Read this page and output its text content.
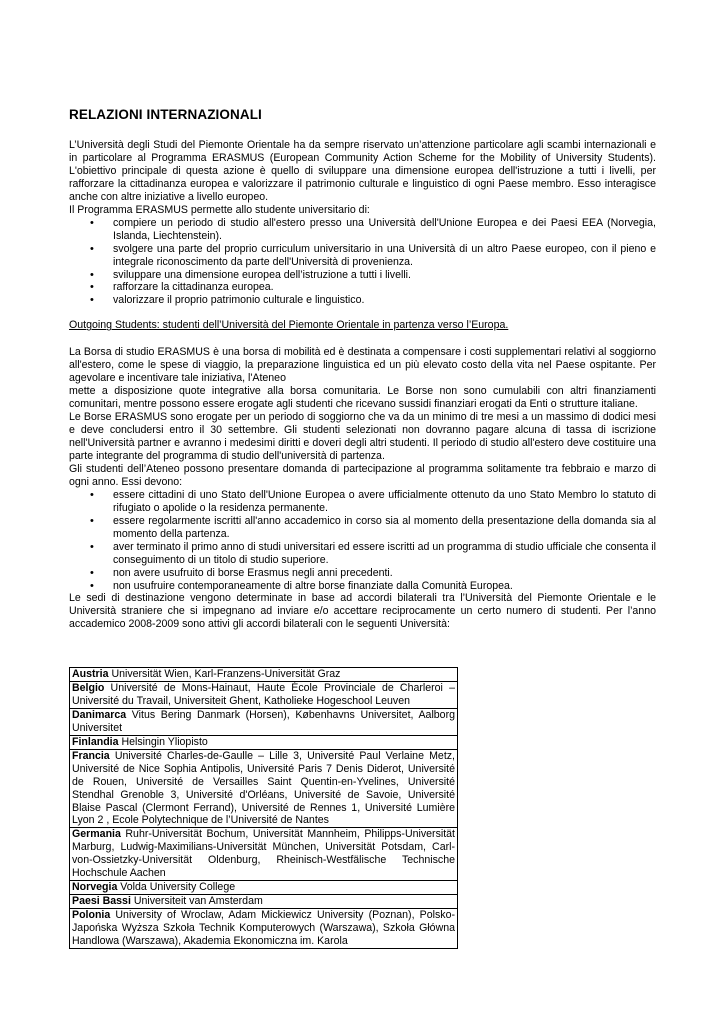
RELAZIONI INTERNAZIONALI

L’Università degli Studi del Piemonte Orientale ha da sempre riservato un’attenzione particolare agli scambi internazionali e in particolare al Programma ERASMUS (European Community Action Scheme for the Mobility of University Students). L'obiettivo principale di questa azione è quello di sviluppare una dimensione europea dell'istruzione a tutti i livelli, per rafforzare la cittadinanza europea e valorizzare il patrimonio culturale e linguistico di ogni Paese membro. Esso interagisce anche con altre iniziative a livello europeo.

Il Programma ERASMUS permette allo studente universitario di:

• compiere un periodo di studio all'estero presso una Università dell'Unione Europea e dei Paesi EEA (Norvegia, Islanda, Liechtenstein).
• svolgere una parte del proprio curriculum universitario in una Università di un altro Paese europeo, con il pieno e integrale riconoscimento da parte dell'Università di provenienza.
• sviluppare una dimensione europea dell’istruzione a tutti i livelli.
• rafforzare la cittadinanza europea.
• valorizzare il proprio patrimonio culturale e linguistico.

Outgoing Students: studenti dell’Università del Piemonte Orientale in partenza verso l’Europa.

La Borsa di studio ERASMUS è una borsa di mobilità ed è destinata a compensare i costi supplementari relativi al soggiorno all'estero, come le spese di viaggio, la preparazione linguistica ed un più elevato costo della vita nel Paese ospitante. Per agevolare e incentivare tale iniziativa, l'Ateneo

mette a disposizione quote integrative alla borsa comunitaria. Le Borse non sono cumulabili con altri finanziamenti comunitari, mentre possono essere erogate agli studenti che ricevano sussidi finanziari erogati da Enti o strutture italiane.

Le Borse ERASMUS sono erogate per un periodo di soggiorno che va da un minimo di tre mesi a un massimo di dodici mesi e deve concludersi entro il 30 settembre. Gli studenti selezionati non dovranno pagare alcuna di tassa di iscrizione nell'Università partner e avranno i medesimi diritti e doveri degli altri studenti. Il periodo di studio all'estero deve costituire una parte integrante del programma di studio dell'università di partenza.

Gli studenti dell’Ateneo possono presentare domanda di partecipazione al programma solitamente tra febbraio e marzo di ogni anno. Essi devono:

• essere cittadini di uno Stato dell'Unione Europea o avere ufficialmente ottenuto da uno Stato Membro lo statuto di rifugiato o apolide o la residenza permanente.
• essere regolarmente iscritti all'anno accademico in corso sia al momento della presentazione della domanda sia al momento della partenza.
• aver terminato il primo anno di studi universitari ed essere iscritti ad un programma di studio ufficiale che consenta il conseguimento di un titolo di studio superiore.
• non avere usufruito di borse Erasmus negli anni precedenti.
• non usufruire contemporaneamente di altre borse finanziate dalla Comunità Europea.

Le sedi di destinazione vengono determinate in base ad accordi bilaterali tra l’Università del Piemonte Orientale e le Università straniere che si impegnano ad inviare e/o accettare reciprocamente un certo numero di studenti. Per l’anno accademico 2008-2009 sono attivi gli accordi bilaterali con le seguenti Università:

Austria Universität Wien, Karl-Franzens-Universität Graz
Belgio Université de Mons-Hainaut, Haute École Provinciale de Charleroi – Université du Travail, Universiteit Ghent, Katholieke Hogeschool Leuven
Danimarca Vitus Bering Danmark (Horsen), Københavns Universitet, Aalborg Universitet
Finlandia Helsingin Yliopisto
Francia Université Charles-de-Gaulle – Lille 3, Université Paul Verlaine Metz, Université de Nice Sophia Antipolis, Université Paris 7 Denis Diderot, Université de Rouen, Université de Versailles Saint Quentin-en-Yvelines, Université Stendhal Grenoble 3, Université d'Orléans, Université de Savoie, Université Blaise Pascal (Clermont Ferrand), Université de Rennes 1, Université Lumière Lyon 2 , Ecole Polytechnique de l’Université de Nantes
Germania Ruhr-Universität Bochum, Universität Mannheim, Philipps-Universität Marburg, Ludwig-Maximilians-Universität München, Universität Potsdam, Carl-von-Ossietzky-Universität Oldenburg, Rheinisch-Westfälische Technische Hochschule Aachen
Norvegia Volda University College
Paesi Bassi Universiteit van Amsterdam
Polonia University of Wroclaw, Adam Mickiewicz University (Poznan), Polsko-Japońska Wyższa Szkoła Technik Komputerowych (Warszawa), Szkoła Główna Handlowa (Warszawa), Akademia Ekonomiczna im. Karola
